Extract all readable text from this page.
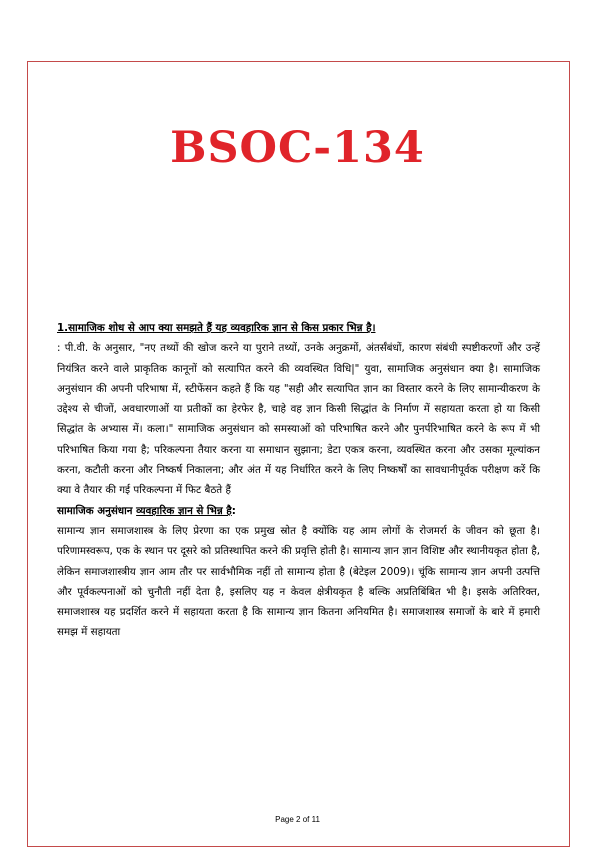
BSOC-134

1.सामाजिक शोध से आप क्या समझते हैं यह व्यवहारिक ज्ञान से किस प्रकार भिन्न है।

: पी.वी. के अनुसार, "नए तथ्यों की खोज करने या पुराने तथ्यों, उनके अनुक्रमों, अंतर्संबंधों, कारण संबंधी स्पष्टीकरणों और उन्हें नियंत्रित करने वाले प्राकृतिक कानूनों को सत्यापित करने की व्यवस्थित विधि|" युवा, सामाजिक अनुसंधान क्या है। सामाजिक अनुसंधान की अपनी परिभाषा में, स्टीफेंसन कहते हैं कि यह "सही और सत्यापित ज्ञान का विस्तार करने के लिए सामान्यीकरण के उद्देश्य से चीजों, अवधारणाओं या प्रतीकों का हेरफेर है, चाहे वह ज्ञान किसी सिद्धांत के निर्माण में सहायता करता हो या किसी सिद्धांत के अभ्यास में। कला।" सामाजिक अनुसंधान को समस्याओं को परिभाषित करने और पुनर्परिभाषित करने के रूप में भी परिभाषित किया गया है; परिकल्पना तैयार करना या समाधान सुझाना; डेटा एकत्र करना, व्यवस्थित करना और उसका मूल्यांकन करना, कटौती करना और निष्कर्ष निकालना; और अंत में यह निर्धारित करने के लिए निष्कर्षों का सावधानीपूर्वक परीक्षण करें कि क्या वे तैयार की गई परिकल्पना में फिट बैठते हैं

सामाजिक अनुसंधान व्यवहारिक ज्ञान से भिन्न है:

सामान्य ज्ञान समाजशास्त्र के लिए प्रेरणा का एक प्रमुख स्रोत है क्योंकि यह आम लोगों के रोजमर्रा के जीवन को छूता है। परिणामस्वरूप, एक के स्थान पर दूसरे को प्रतिस्थापित करने की प्रवृत्ति होती है। सामान्य ज्ञान ज्ञान विशिष्ट और स्थानीयकृत होता है, लेकिन समाजशास्त्रीय ज्ञान आम तौर पर सार्वभौमिक नहीं तो सामान्य होता है (बेटेइल 2009)। चूंकि सामान्य ज्ञान अपनी उत्पत्ति और पूर्वकल्पनाओं को चुनौती नहीं देता है, इसलिए यह न केवल क्षेत्रीयकृत है बल्कि अप्रतिबिंबित भी है। इसके अतिरिक्त, समाजशास्त्र यह प्रदर्शित करने में सहायता करता है कि सामान्य ज्ञान कितना अनियमित है। समाजशास्त्र समाजों के बारे में हमारी समझ में सहायता

Page 2 of 11
